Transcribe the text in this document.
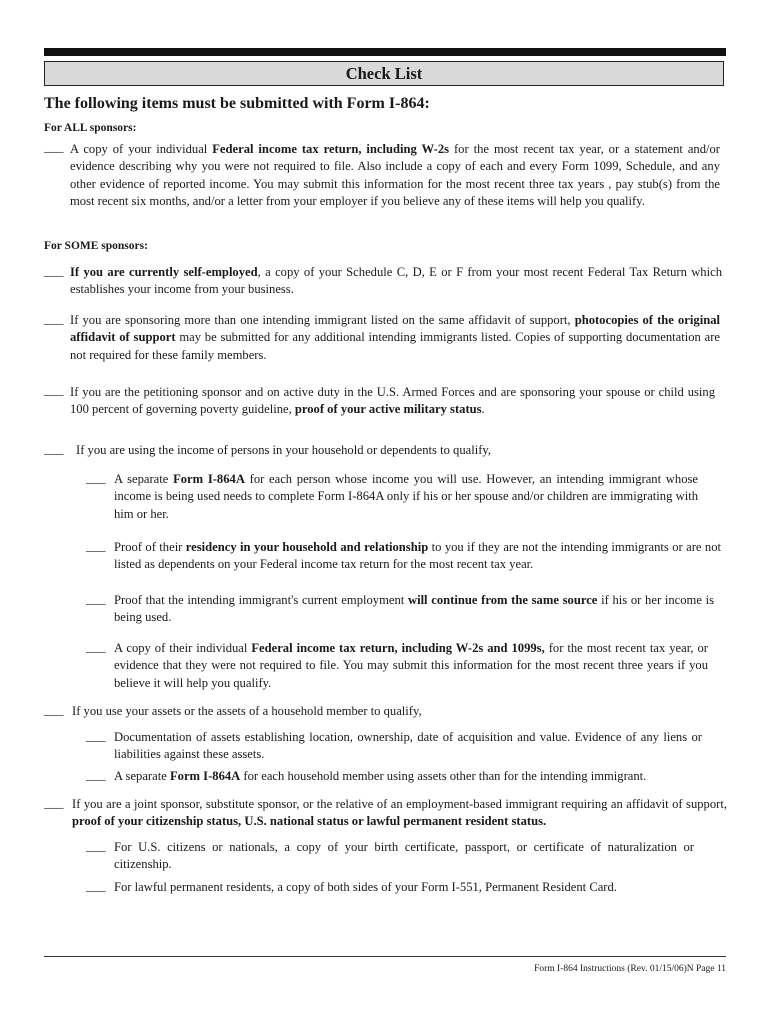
Check List
The following items must be submitted with Form I-864:
For ALL sponsors:
For SOME sponsors:
___ A copy of your individual Federal income tax return, including W-2s for the most recent tax year, or a statement and/or evidence describing why you were not required to file. Also include a copy of each and every Form 1099, Schedule, and any other evidence of reported income. You may submit this information for the most recent three tax years , pay stub(s) from the most recent six months, and/or a letter from your employer if you believe any of these items will help you qualify.
___ If you are currently self-employed, a copy of your Schedule C, D, E or F from your most recent Federal Tax Return which establishes your income from your business.
___ If you are sponsoring more than one intending immigrant listed on the same affidavit of support, photocopies of the original affidavit of support may be submitted for any additional intending immigrants listed. Copies of supporting documentation are not required for these family members.
___ If you are the petitioning sponsor and on active duty in the U.S. Armed Forces and are sponsoring your spouse or child using 100 percent of governing poverty guideline, proof of your active military status.
___ If you are using the income of persons in your household or dependents to qualify,
___ A separate Form I-864A for each person whose income you will use. However, an intending immigrant whose income is being used needs to complete Form I-864A only if his or her spouse and/or children are immigrating with him or her.
___ Proof of their residency in your household and relationship to you if they are not the intending immigrants or are not listed as dependents on your Federal income tax return for the most recent tax year.
___ Proof that the intending immigrant's current employment will continue from the same source if his or her income is being used.
___ A copy of their individual Federal income tax return, including W-2s and 1099s, for the most recent tax year, or evidence that they were not required to file. You may submit this information for the most recent three years if you believe it will help you qualify.
___ If you use your assets or the assets of a household member to qualify,
___ Documentation of assets establishing location, ownership, date of acquisition and value. Evidence of any liens or liabilities against these assets.
___ A separate Form I-864A for each household member using assets other than for the intending immigrant.
___ If you are a joint sponsor, substitute sponsor, or the relative of an employment-based immigrant requiring an affidavit of support, proof of your citizenship status, U.S. national status or lawful permanent resident status.
___ For U.S. citizens or nationals, a copy of your birth certificate, passport, or certificate of naturalization or citizenship.
___ For lawful permanent residents, a copy of both sides of your Form I-551, Permanent Resident Card.
Form I-864 Instructions (Rev. 01/15/06)N Page 11
